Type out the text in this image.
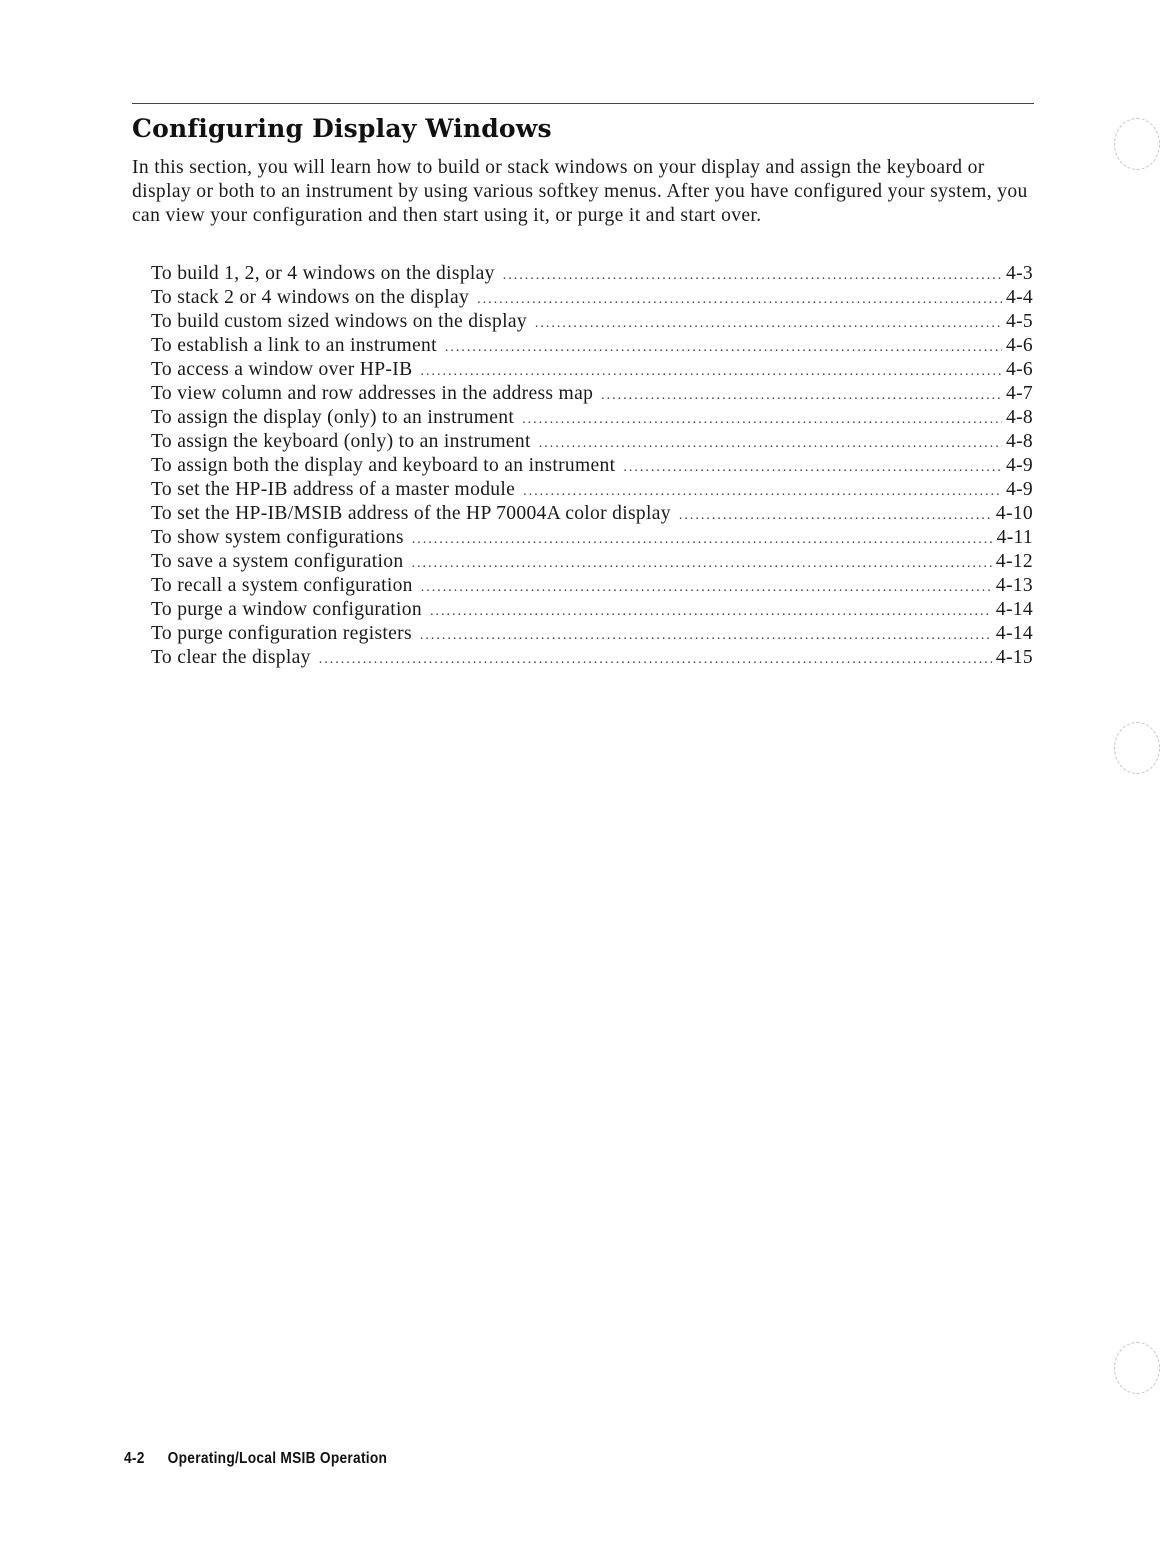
Configuring Display Windows

In this section, you will learn how to build or stack windows on your display and assign the keyboard or display or both to an instrument by using various softkey menus. After you have configured your system, you can view your configuration and then start using it, or purge it and start over.

To build 1, 2, or 4 windows on the display .....	4-3
To stack 2 or 4 windows on the display .....	4-4
To build custom sized windows on the display .....	4-5
To establish a link to an instrument .....	4-6
To access a window over HP-IB .....	4-6
To view column and row addresses in the address map .....	4-7
To assign the display (only) to an instrument .....	4-8
To assign the keyboard (only) to an instrument .....	4-8
To assign both the display and keyboard to an instrument .....	4-9
To set the HP-IB address of a master module .....	4-9
To set the HP-IB/MSIB address of the HP 70004A color display .....	4-10
To show system configurations .....	4-11
To save a system configuration .....	4-12
To recall a system configuration .....	4-13
To purge a window configuration .....	4-14
To purge configuration registers .....	4-14
To clear the display .....	4-15
4-2 Operating/Local MSIB Operation
